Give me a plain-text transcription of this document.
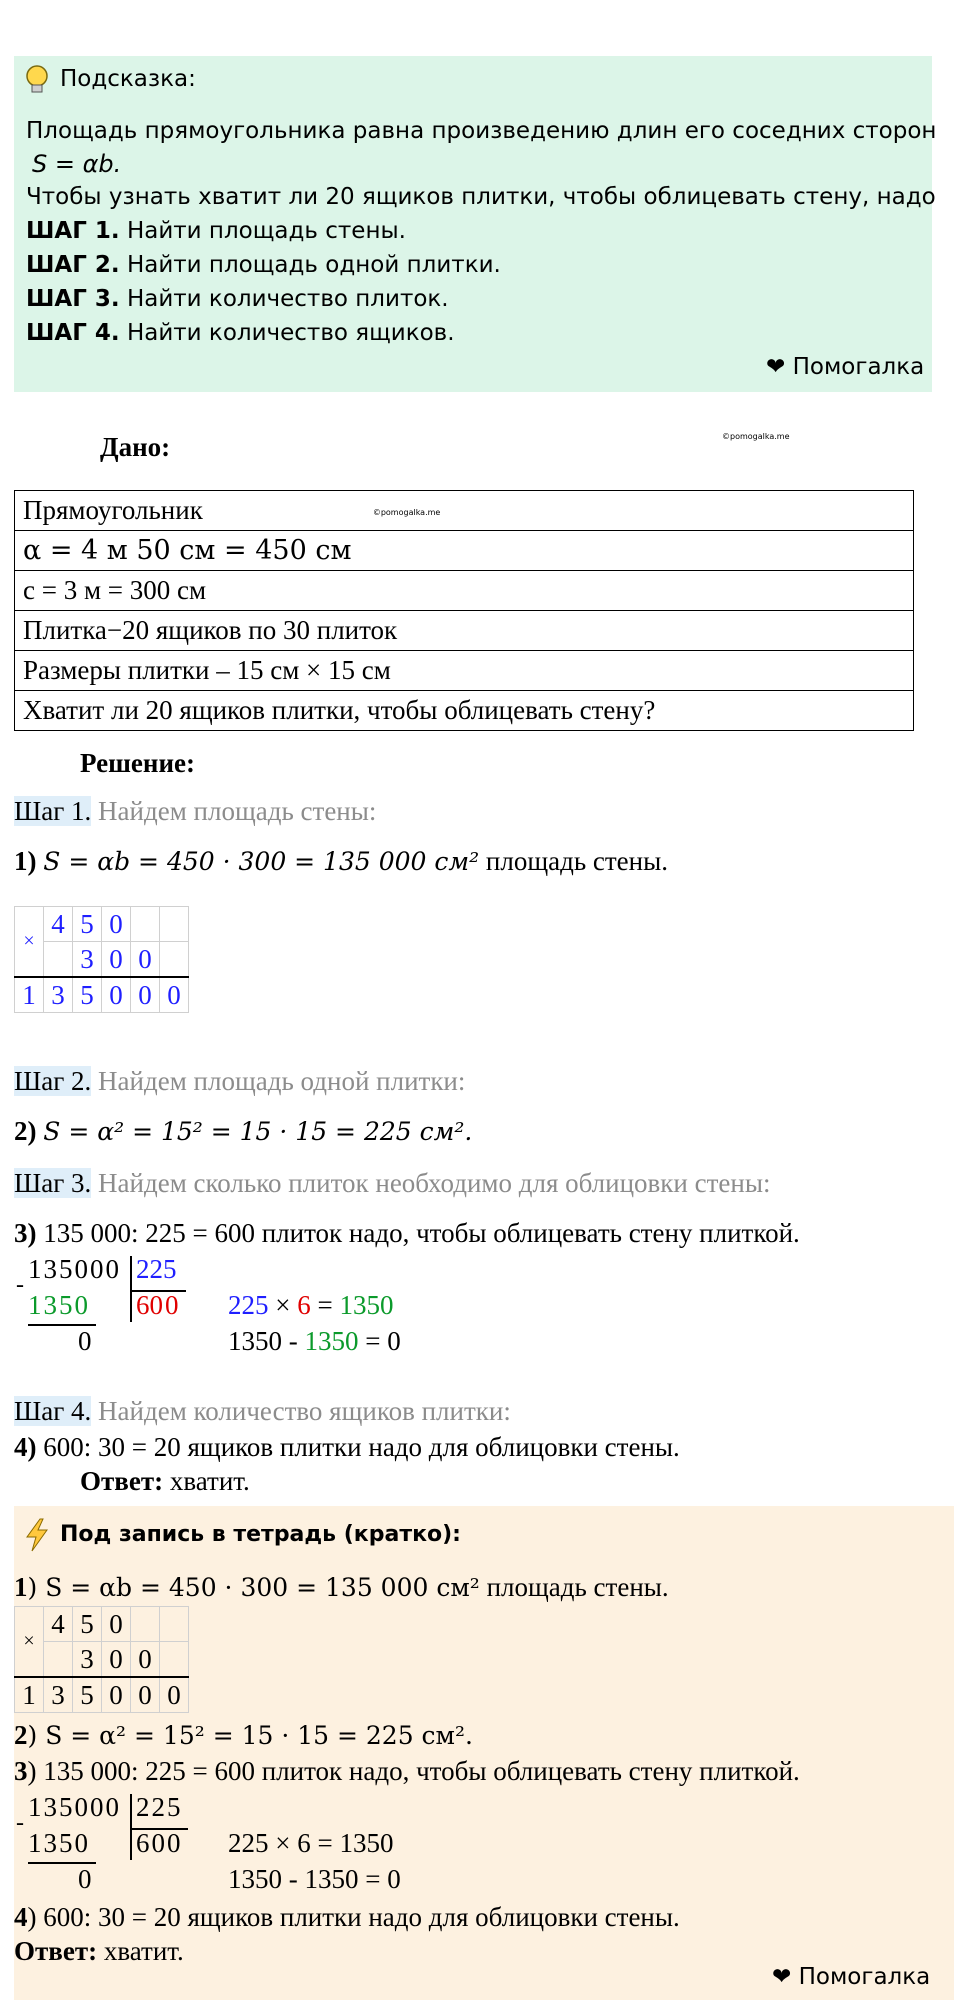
Подсказка:
Площадь прямоугольника равна произведению длин его соседних сторон
S = αb.
Чтобы узнать хватит ли 20 ящиков плитки, чтобы облицевать стену, надо
ШАГ 1. Найти площадь стены.
ШАГ 2. Найти площадь одной плитки.
ШАГ 3. Найти количество плиток.
ШАГ 4. Найти количество ящиков.
❤ Помогалка
Дано:	©pomogalka.me
Прямоугольник	©pomogalka.me
α = 4 м 50 см = 450 см
с = 3 м = 300 см
Плитка−20 ящиков по 30 плиток
Размеры плитки – 15 см × 15 см
Хватит ли 20 ящиков плитки, чтобы облицевать стену?
Решение:
Шаг 1. Найдем площадь стены:
1) S = αb = 450 · 300 = 135 000 см² площадь стены.
×	4	5	0		
		3	0	0	
1	3	5	0	0	0
Шаг 2. Найдем площадь одной плитки:
2) S = α² = 15² = 15 · 15 = 225 см².
Шаг 3. Найдем сколько плиток необходимо для облицовки стены:
3) 135 000: 225 = 600 плиток надо, чтобы облицевать стену плиткой.
-
135000 225
1350 600
0
225 × 6 = 1350
1350 - 1350 = 0
Шаг 4. Найдем количество ящиков плитки:
4) 600: 30 = 20 ящиков плитки надо для облицовки стены.
Ответ: хватит.
Под запись в тетрадь (кратко):
1) S = αb = 450 · 300 = 135 000 см² площадь стены.
×	4	5	0		
		3	0	0	
1	3	5	0	0	0
2) S = α² = 15² = 15 · 15 = 225 см².
3) 135 000: 225 = 600 плиток надо, чтобы облицевать стену плиткой.
-
135000 225
1350 600
0
225 × 6 = 1350
1350 - 1350 = 0
4) 600: 30 = 20 ящиков плитки надо для облицовки стены.
Ответ: хватит.
❤ Помогалка
